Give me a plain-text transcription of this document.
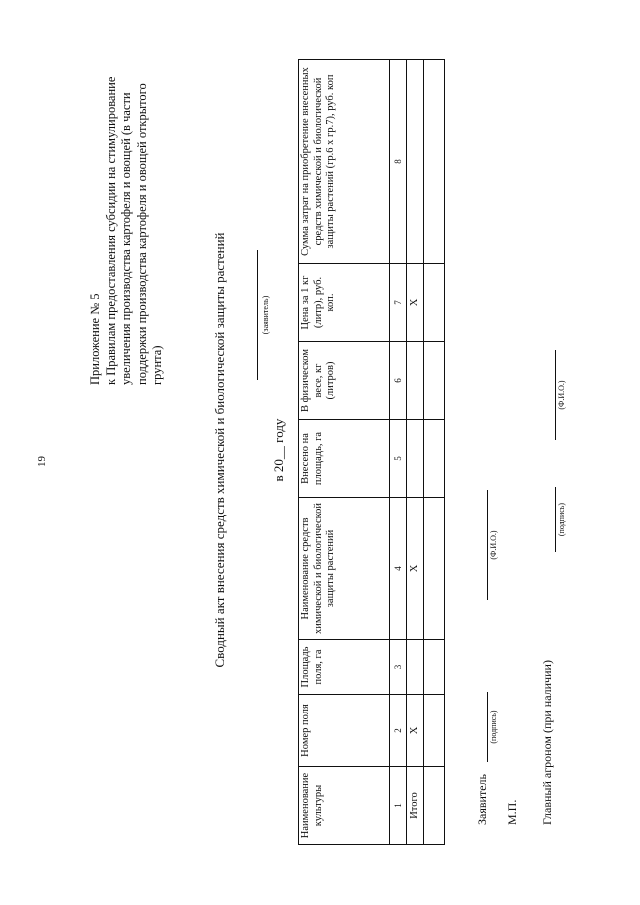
19
Приложение № 5 к Правилам предоставления субсидии на стимулирование увеличения производства картофеля и овощей (в части поддержки производства картофеля и овощей открытого грунта)	Сводный акт внесения средств химической и биологической защиты растений	(заявитель)
в 20__ году
Наименование культуры	Номер поля	Площадь поля, га	Наименование средств химической и биологической защиты растений	Внесено на площадь, га	В физическом весе, кг (литров)	Цена за 1 кг (литр), руб. коп.	Сумма затрат на приобретение внесенных средств химической и биологической защиты растений (гр.6 х гр.7), руб. коп
1	2	3	4	5	6	7	8
Итого	Х		Х			Х	

Заявитель
(подпись)
(Ф.И.О.)
М.П. Главный агроном (при наличии)
(подпись)
(Ф.И.О.)
